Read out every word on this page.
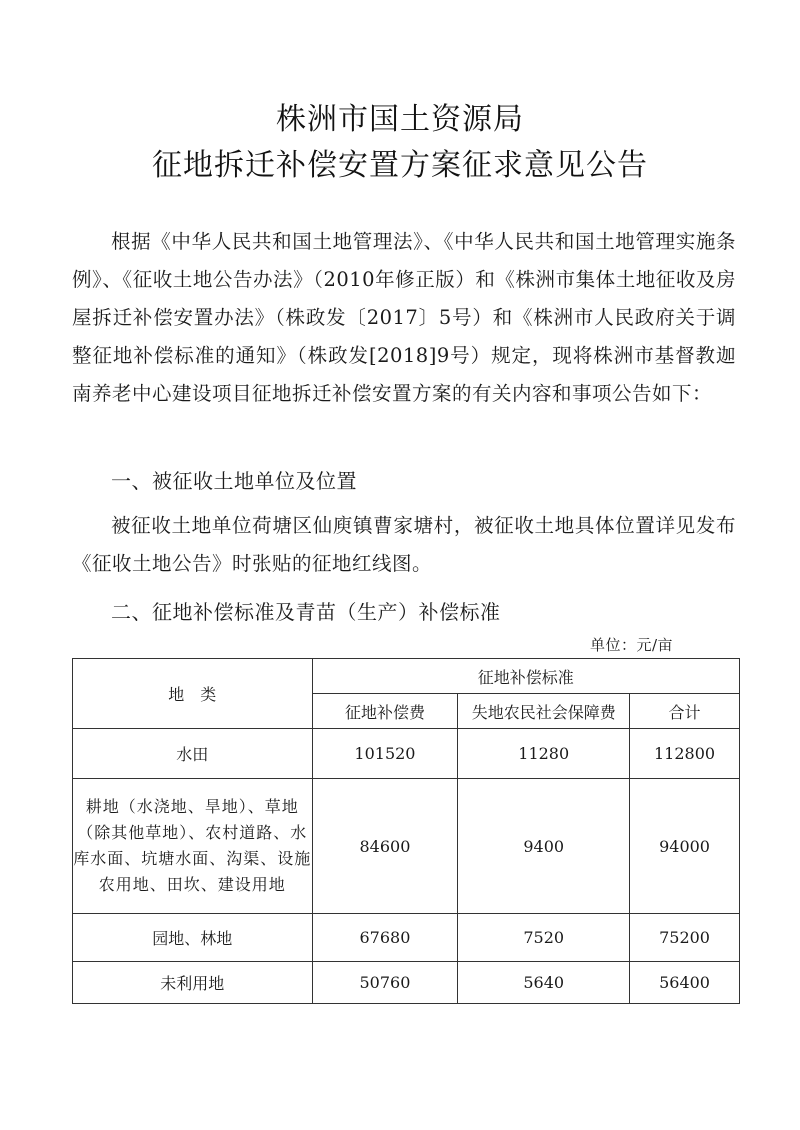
株洲市国土资源局
征地拆迁补偿安置方案征求意见公告
根据《中华人民共和国土地管理法》、《中华人民共和国土地管理实施条例》、《征收土地公告办法》（2010年修正版）和《株洲市集体土地征收及房屋拆迁补偿安置办法》（株政发〔2017〕5号）和《株洲市人民政府关于调整征地补偿标准的通知》（株政发[2018]9号）规定，现将株洲市基督教迦南养老中心建设项目征地拆迁补偿安置方案的有关内容和事项公告如下：
一、被征收土地单位及位置
被征收土地单位荷塘区仙庾镇曹家塘村，被征收土地具体位置详见发布《征收土地公告》时张贴的征地红线图。
二、征地补偿标准及青苗（生产）补偿标准
单位：元/亩
地　类	征地补偿标准		
	征地补偿费	失地农民社会保障费	合计
水田	101520	11280	112800
耕地（水浇地、旱地）、草地（除其他草地）、农村道路、水库水面、坑塘水面、沟渠、设施农用地、田坎、建设用地	84600	9400	94000
园地、林地	67680	7520	75200
未利用地	50760	5640	56400
